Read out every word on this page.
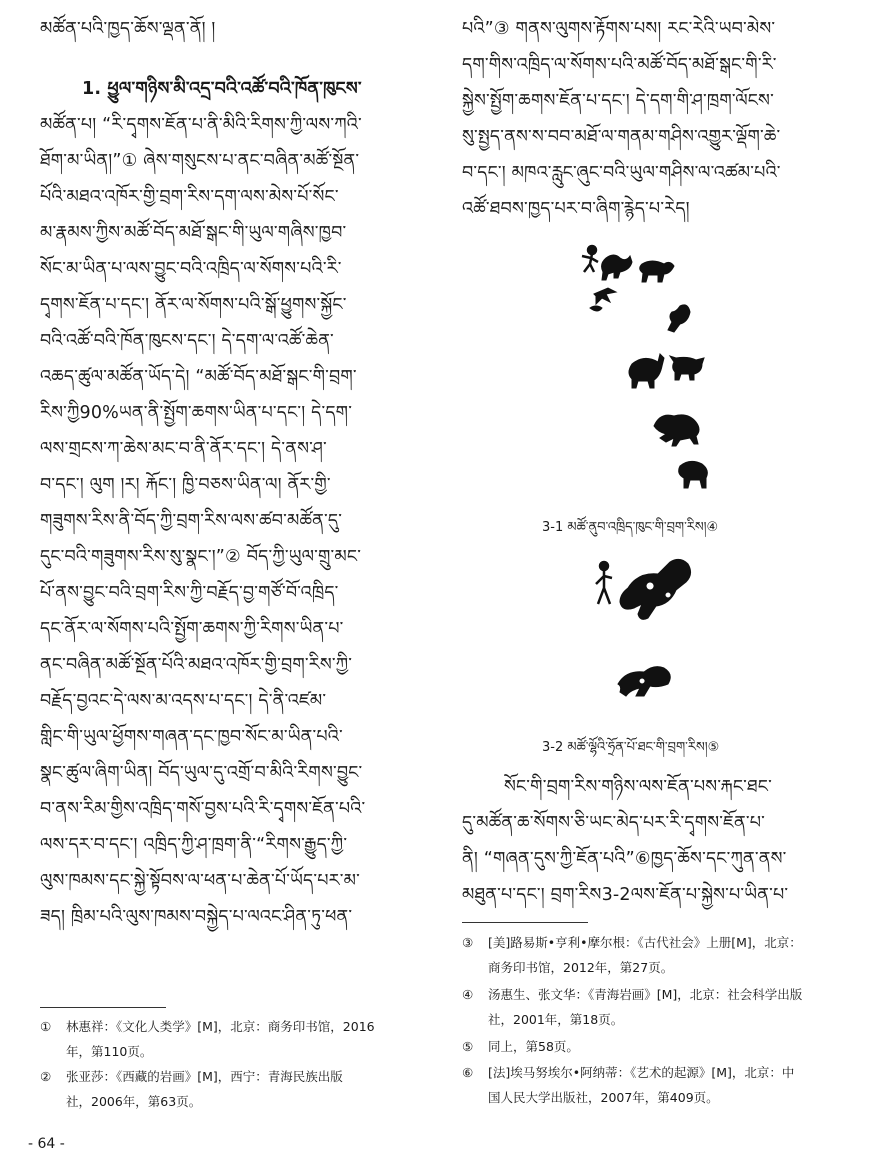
མཚོན་པའི་ཁྱད་ཆོས་ལྡན་ནོ། །
1. ཕྱུལ་གཉིས་མི་འདྲ་བའི་འཚོ་བའི་ཁོན་ཁུངས་
མཚོན་པ། “རི་དྭགས་ཇོན་པ་ནི་མིའི་རིགས་ཀྱི་ལས་ཀའི་
ཐོག་མ་ཡིན།”① ཞེས་གསུངས་པ་ནང་བཞིན་མཚོ་སྔོན་
པོའི་མཐའ་འཁོར་གྱི་བྲག་རིས་དག་ལས་མེས་པོ་སོང་
མ་རྣམས་ཀྱིས་མཚོ་བོད་མཐོ་སྒང་གི་ཡུལ་གཞིས་ཁྱབ་
སོང་མ་ཡིན་པ་ལས་བྱུང་བའི་འཁྲིད་ལ་སོགས་པའི་རི་
དྭགས་ཇོན་པ་དང་། ནོར་ལ་སོགས་པའི་སྒོ་ཕྱུགས་སྐྱོང་
བའི་འཚོ་བའི་ཁོན་ཁུངས་དང་། དེ་དག་ལ་འཚོ་ཆེན་
འཆད་ཚུལ་མཚོན་ཡོད་དེ། “མཚོ་བོད་མཐོ་སྒང་གི་བྲག་
རིས་ཀྱི90%ཡན་ནི་སྤྱོག་ཆགས་ཡིན་པ་དང་། དེ་དག་
ལས་གྲངས་ཀ་ཆེས་མང་བ་ནི་ནོར་དང་། དེ་ནས་ཤ་
བ་དང་། ལུག །ར། རྐོང་། ཁྱི་བཅས་ཡིན་ལ། ནོར་གྱི་
གཟུགས་རིས་ནི་བོད་ཀྱི་བྲག་རིས་ལས་ཚབ་མཚོན་དུ་
དུང་བའི་གཟུགས་རིས་སུ་སྣང་།”② བོད་ཀྱི་ཡུལ་གྲུ་མང་
པོ་ནས་བྱུང་བའི་བྲག་རིས་ཀྱི་བརྗོད་བྱ་གཙོ་བོ་འཁྲིད་
དང་ནོར་ལ་སོགས་པའི་སྤྱོག་ཆགས་ཀྱི་རིགས་ཡིན་པ་
ནང་བཞིན་མཚོ་སྔོན་པོའི་མཐའ་འཁོར་གྱི་བྲག་རིས་ཀྱི་
བརྗོད་བྱའང་དེ་ལས་མ་འདས་པ་དང་། དེ་ནི་འཛམ་
གླིང་གི་ཡུལ་ཕྱོགས་གཞན་དང་ཁྱབ་སོང་མ་ཡིན་པའི་
སྣང་ཚུལ་ཞིག་ཡིན། བོད་ཡུལ་དུ་འགྲོ་བ་མིའི་རིགས་བྱུང་
བ་ནས་རིམ་གྱིས་འཁྲིད་གསོ་བྱས་པའི་རི་དྭགས་ཇོན་པའི་
ལས་དར་བ་དང་། འཁྲིད་ཀྱི་ཤ་ཁྲག་ནི་“རིགས་རྒྱུད་ཀྱི་
ལུས་ཁམས་དང་སྐྱེ་སྟོབས་ལ་ཕན་པ་ཆེན་པོ་ཡོད་པར་མ་
ཟད། ཁྲིམ་པའི་ལུས་ཁམས་བསྐྱེད་པ་ལའང་ཤིན་ཏུ་ཕན་
① 林惠祥：《文化人类学》[M]，北京：商务印书馆，2016
年，第110页。
② 张亚莎：《西藏的岩画》[M]，西宁：青海民族出版
社，2006年，第63页。
པའི”③ གནས་ལུགས་རྟོགས་པས། རང་རེའི་ཡབ་མེས་
དག་གིས་འཁྲིད་ལ་སོགས་པའི་མཚོ་བོད་མཐོ་སྒང་གི་རི་
སྐྱེས་སྤྱོག་ཆགས་ཇོན་པ་དང་། དེ་དག་གི་ཤ་ཁྲག་ལོངས་
སུ་སྤྱད་ནས་ས་བབ་མཐོ་ལ་གནམ་གཤིས་འགྱུར་ལྡོག་ཆེ་
བ་དང་། མཁའ་རླུང་ཞུང་བའི་ཡུལ་གཤིས་ལ་འཚམ་པའི་
འཚོ་ཐབས་ཁྱད་པར་བ་ཞིག་རྙེད་པ་རེད།
3-1 མཚོ་ནུབ་འཁྲིད་ཁུང་གི་བྲག་རིས།④
3-2 མཚོ་ལྷོའི་ཧྲོན་པོ་ཐང་གི་བྲག་རིས།⑤
སོང་གི་བྲག་རིས་གཉིས་ལས་ཇོན་པས་རྐང་ཐང་
དུ་མཚོན་ཆ་སོགས་ཅི་ཡང་མེད་པར་རི་དྭགས་ཇོན་པ་
ནི། “གཞན་དུས་ཀྱི་ཇོན་པའི”⑥ཁྱད་ཆོས་དང་ཀུན་ནས་
མཐུན་པ་དང་། བྲག་རིས3-2ལས་ཇོན་པ་སྐྱེས་པ་ཡིན་པ་
③ [美]路易斯•亨利•摩尔根：《古代社会》上册[M]，北京：
商务印书馆，2012年，第27页。
④ 汤惠生、张文华：《青海岩画》[M]，北京：社会科学出版
社，2001年，第18页。
⑤ 同上，第58页。
⑥ [法]埃马努埃尔•阿纳蒂：《艺术的起源》[M]，北京：中
国人民大学出版社，2007年，第409页。
- 64 -
